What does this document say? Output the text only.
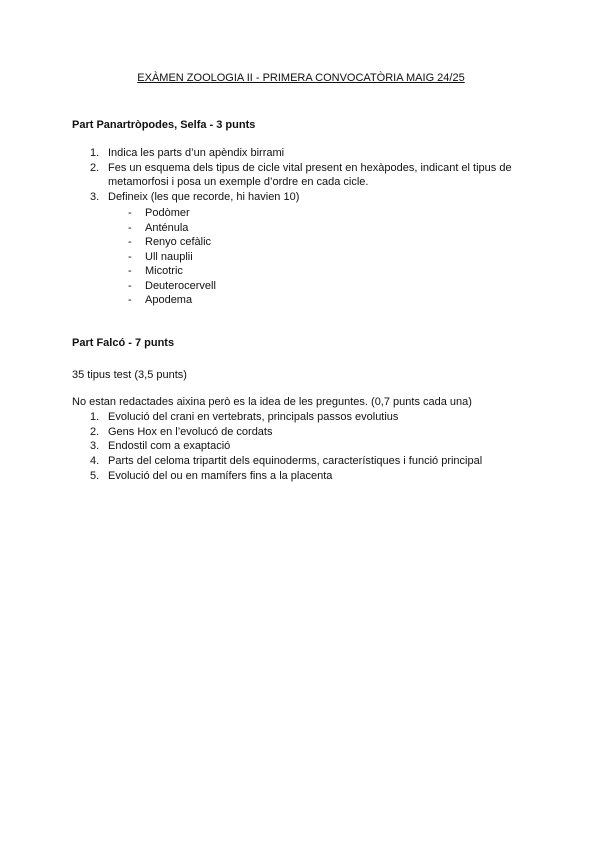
EXÀMEN ZOOLOGIA II - PRIMERA CONVOCATÒRIA MAIG 24/25
Part Panartròpodes, Selfa - 3 punts
1. Indica les parts d’un apèndix birrami
2. Fes un esquema dels tipus de cicle vital present en hexàpodes, indicant el tipus de metamorfosi i posa un exemple d’ordre en cada cicle.
3. Defineix (les que recorde, hi havien 10)
- Podòmer
- Anténula
- Renyo cefàlic
- Ull nauplii
- Micotric
- Deuterocervell
- Apodema
Part Falcó - 7 punts
35 tipus test (3,5 punts)
No estan redactades aixina però es la idea de les preguntes. (0,7 punts cada una)
1. Evolució del crani en vertebrats, principals passos evolutius
2. Gens Hox en l’evolucó de cordats
3. Endostil com a exaptació
4. Parts del celoma tripartit dels equinoderms, característiques i funció principal
5. Evolució del ou en mamífers fins a la placenta
